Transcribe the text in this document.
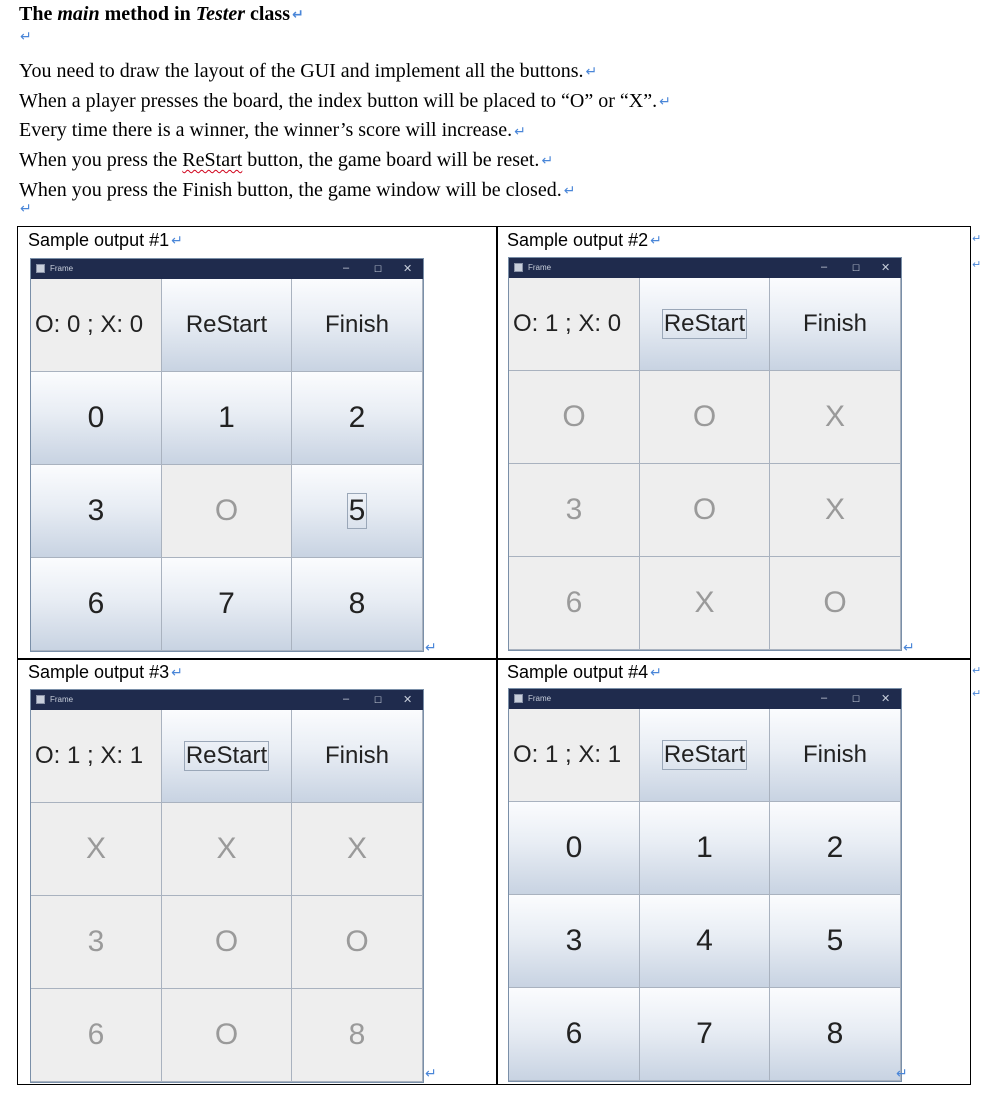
The main method in Tester class ↵
↵
You need to draw the layout of the GUI and implement all the buttons. ↵
When a player presses the board, the index button will be placed to “O” or “X”. ↵
Every time there is a winner, the winner’s score will increase. ↵
When you press the ReStart button, the game board will be reset. ↵
When you press the Finish button, the game window will be closed. ↵
↵
Sample output #1 ↵	Sample output #2 ↵
Sample output #3 ↵	Sample output #4 ↵
Frame	–	☐ ✕
O: 0 ; X: 0	ReStart	Finish
0	1	2
3	O	5
6	7	8
Frame	–	☐ ✕
O: 1 ; X: 0	ReStart	Finish
O	O	X
3	O	X
6	X	O
Frame	–	☐ ✕
O: 1 ; X: 1	ReStart	Finish
X	X	X
3	O	O
6	O	8
Frame	–	☐ ✕
O: 1 ; X: 1	ReStart	Finish
0	1	2
3	4	5
6	7	8
↵	↵
↵	↵
↵
↵
↵
↵
